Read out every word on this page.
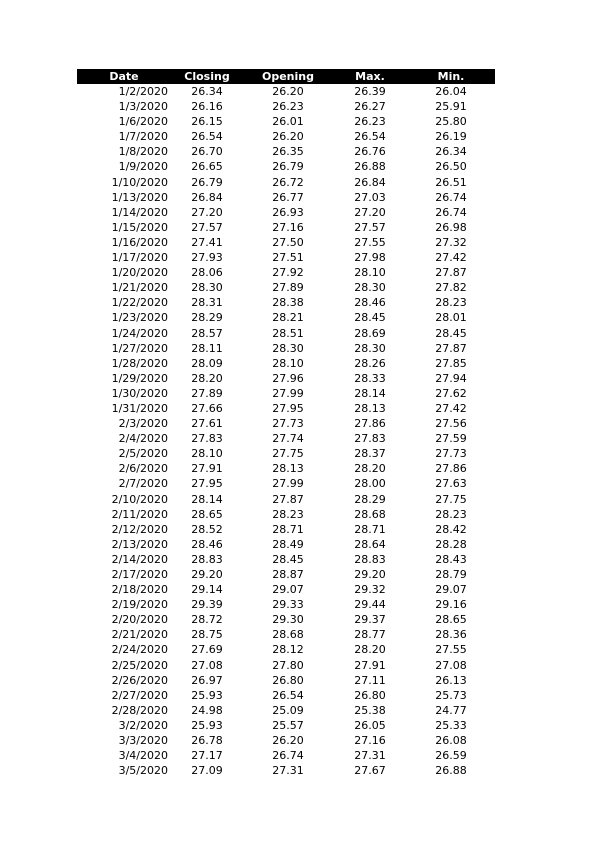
Date	Closing	Opening	Max.	Min.
1/2/2020	26.34	26.20	26.39	26.04
1/3/2020	26.16	26.23	26.27	25.91
1/6/2020	26.15	26.01	26.23	25.80
1/7/2020	26.54	26.20	26.54	26.19
1/8/2020	26.70	26.35	26.76	26.34
1/9/2020	26.65	26.79	26.88	26.50
1/10/2020	26.79	26.72	26.84	26.51
1/13/2020	26.84	26.77	27.03	26.74
1/14/2020	27.20	26.93	27.20	26.74
1/15/2020	27.57	27.16	27.57	26.98
1/16/2020	27.41	27.50	27.55	27.32
1/17/2020	27.93	27.51	27.98	27.42
1/20/2020	28.06	27.92	28.10	27.87
1/21/2020	28.30	27.89	28.30	27.82
1/22/2020	28.31	28.38	28.46	28.23
1/23/2020	28.29	28.21	28.45	28.01
1/24/2020	28.57	28.51	28.69	28.45
1/27/2020	28.11	28.30	28.30	27.87
1/28/2020	28.09	28.10	28.26	27.85
1/29/2020	28.20	27.96	28.33	27.94
1/30/2020	27.89	27.99	28.14	27.62
1/31/2020	27.66	27.95	28.13	27.42
2/3/2020	27.61	27.73	27.86	27.56
2/4/2020	27.83	27.74	27.83	27.59
2/5/2020	28.10	27.75	28.37	27.73
2/6/2020	27.91	28.13	28.20	27.86
2/7/2020	27.95	27.99	28.00	27.63
2/10/2020	28.14	27.87	28.29	27.75
2/11/2020	28.65	28.23	28.68	28.23
2/12/2020	28.52	28.71	28.71	28.42
2/13/2020	28.46	28.49	28.64	28.28
2/14/2020	28.83	28.45	28.83	28.43
2/17/2020	29.20	28.87	29.20	28.79
2/18/2020	29.14	29.07	29.32	29.07
2/19/2020	29.39	29.33	29.44	29.16
2/20/2020	28.72	29.30	29.37	28.65
2/21/2020	28.75	28.68	28.77	28.36
2/24/2020	27.69	28.12	28.20	27.55
2/25/2020	27.08	27.80	27.91	27.08
2/26/2020	26.97	26.80	27.11	26.13
2/27/2020	25.93	26.54	26.80	25.73
2/28/2020	24.98	25.09	25.38	24.77
3/2/2020	25.93	25.57	26.05	25.33
3/3/2020	26.78	26.20	27.16	26.08
3/4/2020	27.17	26.74	27.31	26.59
3/5/2020	27.09	27.31	27.67	26.88
